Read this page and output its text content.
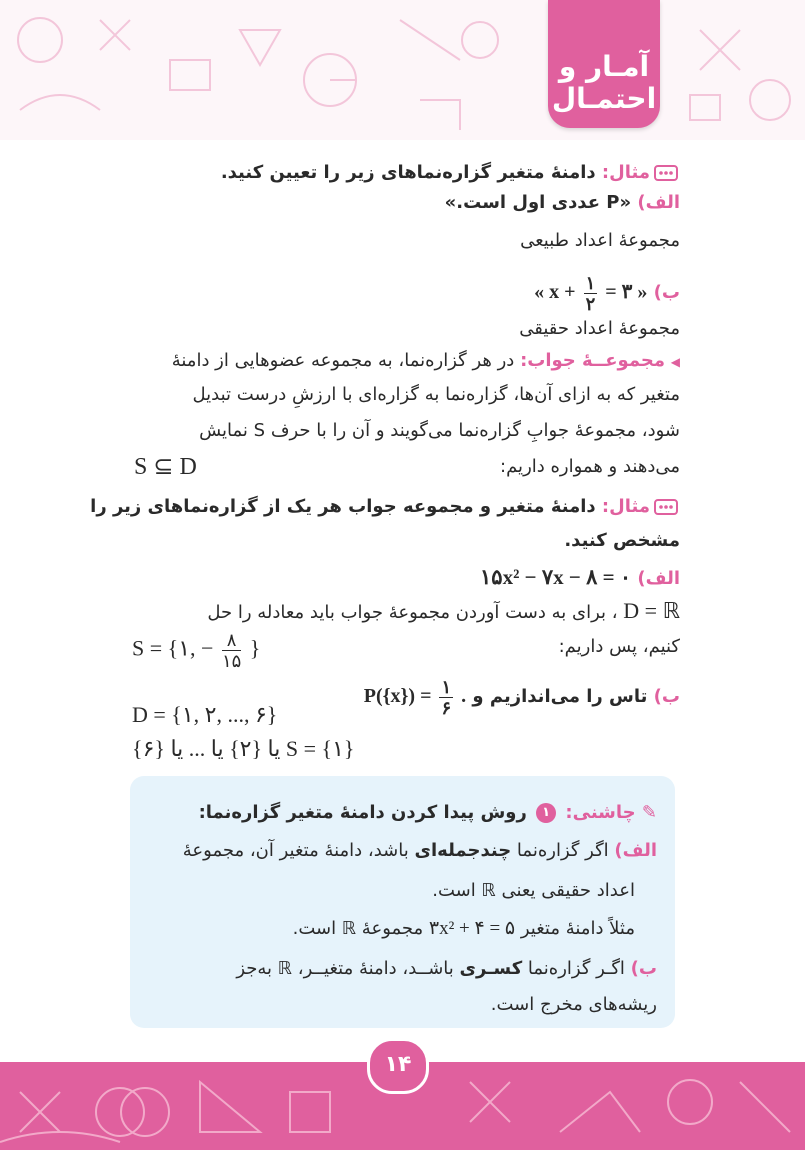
آمـار و
احتمـال
مثال: دامنهٔ متغیر گزاره‌نماهای زیر را تعیین کنید.
الف) «P عددی اول است.»
مجموعهٔ اعداد طبیعی
ب) « $x + \frac{۱}{۲}$ = ۳ »
مجموعهٔ اعداد حقیقی
◀ مجموعــهٔ جواب: در هر گزاره‌نما، به مجموعه عضوهایی از دامنهٔ
متغیر که به ازای آن‌ها، گزاره‌نما به گزاره‌ای با ارزشِ درست تبدیل
شود، مجموعهٔ جوابِ گزاره‌نما می‌گویند و آن را با حرف S نمایش
می‌دهند و همواره داریم:
S ⊆ D
مثال: دامنهٔ متغیر و مجموعه جواب هر یک از گزاره‌نماهای زیر را
مشخص کنید.
الف) ۱۵x² − ۷x − ۸ = ۰
D = ℝ ، برای به دست آوردن مجموعهٔ جواب باید معادله را حل
کنیم، پس داریم:
S = {۱, − $\frac{۸}{۱۵}$ }
ب) تاس را می‌اندازیم و $P(\{x\}) = \frac{۱}{۶}$ .
D = {۱, ۲, ..., ۶}
S = {۱} یا {۲} یا ... یا {۶}
✎ چاشنی: ۱ روش پیدا کردن دامنهٔ متغیر گزاره‌نما:
الف) اگر گزاره‌نما چندجمله‌ای باشد، دامنهٔ متغیر آن، مجموعهٔ
اعداد حقیقی یعنی ℝ است.
مثلاً دامنهٔ متغیر ۳x² + ۴ = ۵ مجموعهٔ ℝ است.
ب) اگـر گزاره‌نما کسـری باشــد، دامنهٔ متغیــر، ℝ به‌جز
ریشه‌های مخرج است.
۱۴
